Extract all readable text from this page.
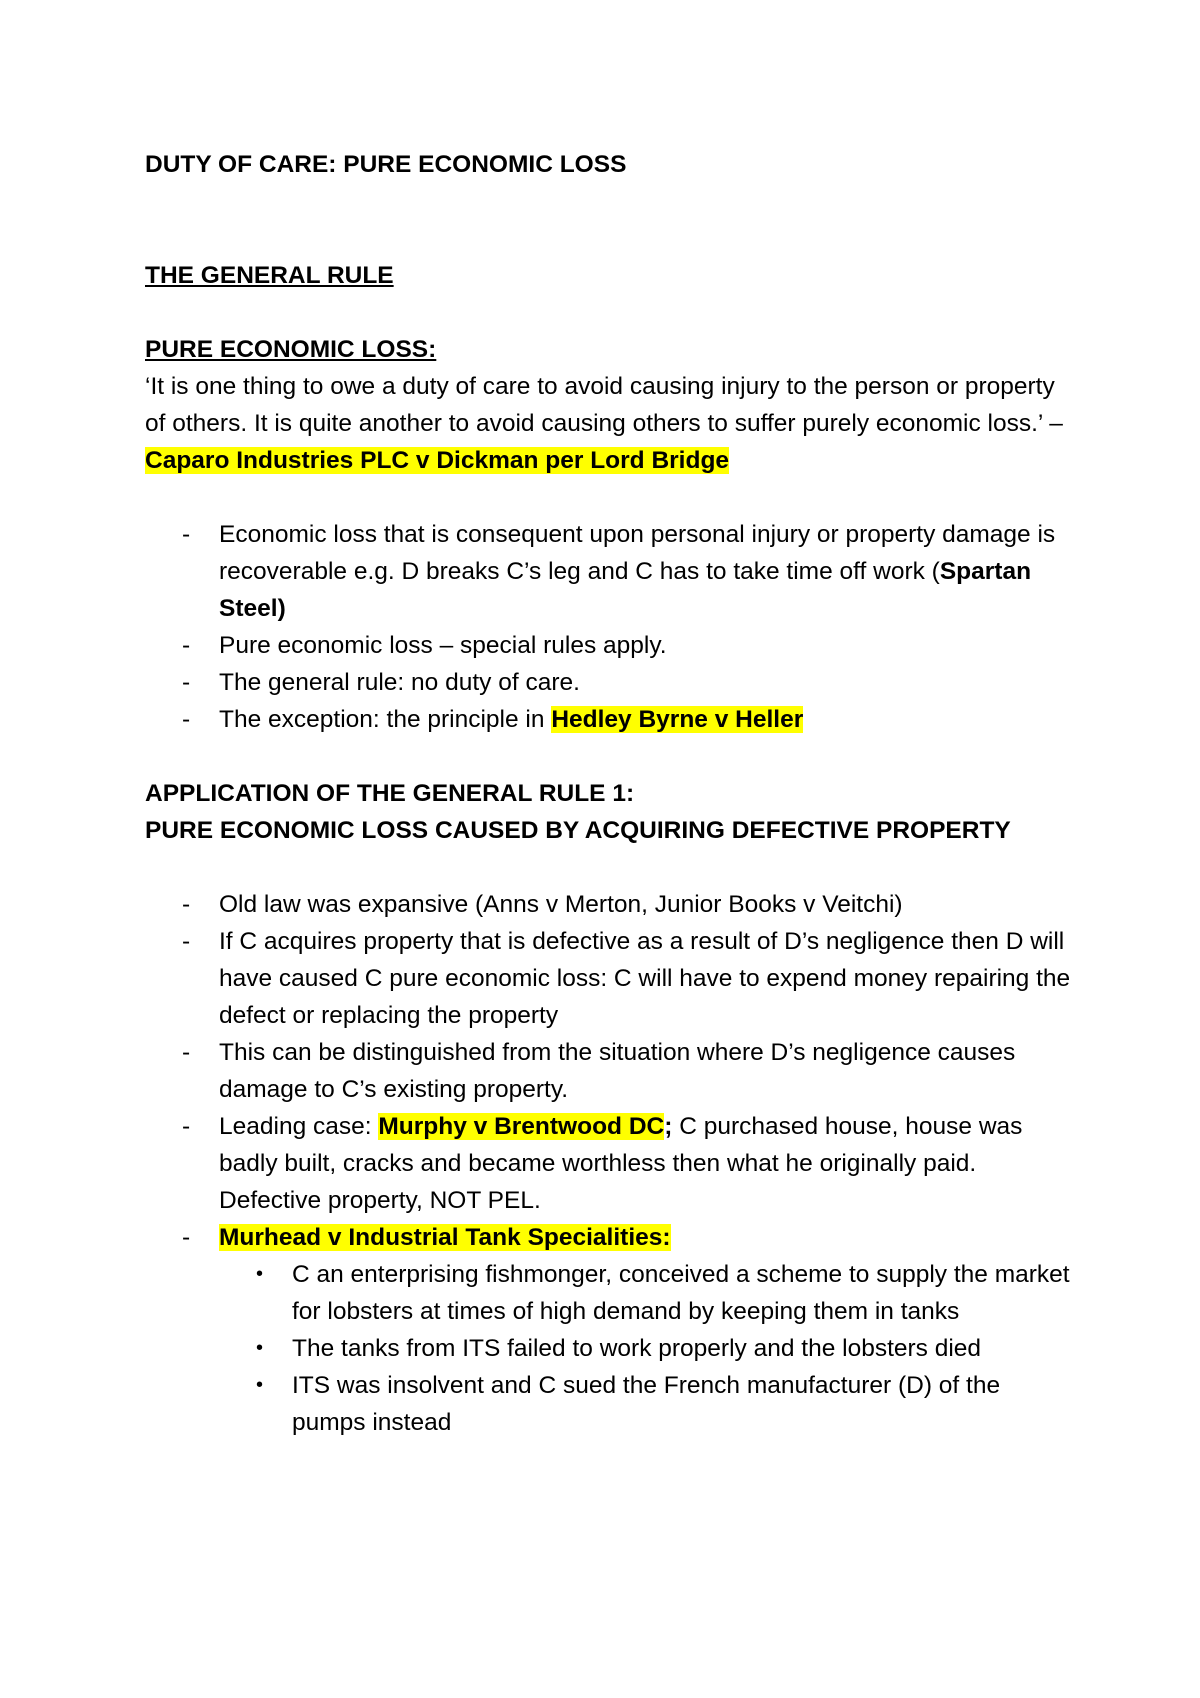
DUTY OF CARE: PURE ECONOMIC LOSS

THE GENERAL RULE

PURE ECONOMIC LOSS:

‘It is one thing to owe a duty of care to avoid causing injury to the person or property of others. It is quite another to avoid causing others to suffer purely economic loss.’ – Caparo Industries PLC v Dickman per Lord Bridge

- Economic loss that is consequent upon personal injury or property damage is recoverable e.g. D breaks C’s leg and C has to take time off work (Spartan Steel)
- Pure economic loss – special rules apply.
- The general rule: no duty of care.
- The exception: the principle in Hedley Byrne v Heller

APPLICATION OF THE GENERAL RULE 1:

PURE ECONOMIC LOSS CAUSED BY ACQUIRING DEFECTIVE PROPERTY

- Old law was expansive (Anns v Merton, Junior Books v Veitchi)
- If C acquires property that is defective as a result of D’s negligence then D will have caused C pure economic loss: C will have to expend money repairing the defect or replacing the property
- This can be distinguished from the situation where D’s negligence causes damage to C’s existing property.
- Leading case: Murphy v Brentwood DC; C purchased house, house was badly built, cracks and became worthless then what he originally paid. Defective property, NOT PEL.
- Murhead v Industrial Tank Specialities:
• C an enterprising fishmonger, conceived a scheme to supply the market for lobsters at times of high demand by keeping them in tanks
• The tanks from ITS failed to work properly and the lobsters died
• ITS was insolvent and C sued the French manufacturer (D) of the pumps instead
